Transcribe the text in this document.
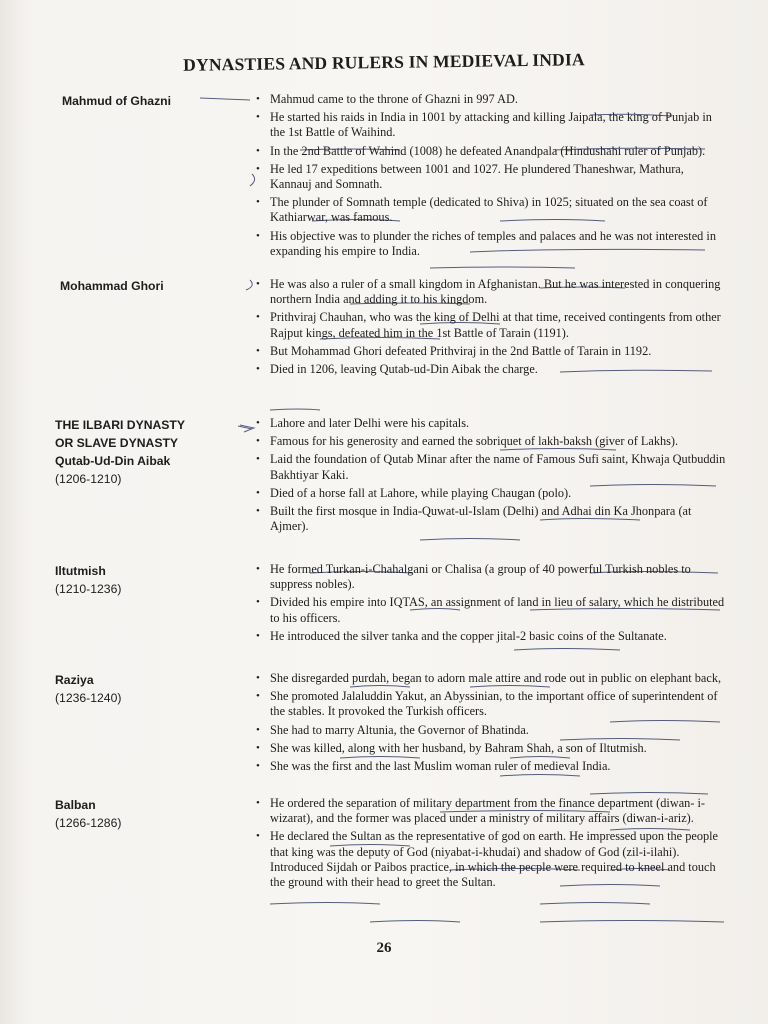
DYNASTIES AND RULERS IN MEDIEVAL INDIA
Mahmud of Ghazni	• Mahmud came to the throne of Ghazni in 997 AD.
• He started his raids in India in 1001 by attacking and killing Jaipala, the king of Punjab in the 1st Battle of Waihind.
• In the 2nd Battle of Wahind (1008) he defeated Anandpala (Hindushahi ruler of Punjab).
• He led 17 expeditions between 1001 and 1027. He plundered Thaneshwar, Mathura, Kannauj and Somnath.
• The plunder of Somnath temple (dedicated to Shiva) in 1025; situated on the sea coast of Kathiarwar, was famous.
• His objective was to plunder the riches of temples and palaces and he was not interested in expanding his empire to India.
Mohammad Ghori	• He was also a ruler of a small kingdom in Afghanistan. But he was interested in conquering northern India and adding it to his kingdom.
• Prithviraj Chauhan, who was the king of Delhi at that time, received contingents from other Rajput kings, defeated him in the 1st Battle of Tarain (1191).
• But Mohammad Ghori defeated Prithviraj in the 2nd Battle of Tarain in 1192.
• Died in 1206, leaving Qutab-ud-Din Aibak the charge.
THE ILBARI DYNASTY
OR SLAVE DYNASTY
Qutab-Ud-Din Aibak
(1206-1210)
• Lahore and later Delhi were his capitals.
• Famous for his generosity and earned the sobriquet of lakh-baksh (giver of Lakhs).
• Laid the foundation of Qutab Minar after the name of Famous Sufi saint, Khwaja Qutbuddin Bakhtiyar Kaki.
• Died of a horse fall at Lahore, while playing Chaugan (polo).
• Built the first mosque in India-Quwat-ul-Islam (Delhi) and Adhai din Ka Jhonpara (at Ajmer).
Iltutmish
(1210-1236)
• He formed Turkan-i-Chahalgani or Chalisa (a group of 40 powerful Turkish nobles to suppress nobles).
• Divided his empire into IQTAS, an assignment of land in lieu of salary, which he distributed to his officers.
• He introduced the silver tanka and the copper jital-2 basic coins of the Sultanate.
Raziya
(1236-1240)
• She disregarded purdah, began to adorn male attire and rode out in public on elephant back,
• She promoted Jalaluddin Yakut, an Abyssinian, to the important office of superintendent of the stables. It provoked the Turkish officers.
• She had to marry Altunia, the Governor of Bhatinda.
• She was killed, along with her husband, by Bahram Shah, a son of Iltutmish.
• She was the first and the last Muslim woman ruler of medieval India.
Balban
(1266-1286)
• He ordered the separation of military department from the finance department (diwan- i-wizarat), and the former was placed under a ministry of military affairs (diwan-i-ariz).
• He declared the Sultan as the representative of god on earth. He impressed upon the people that king was the deputy of God (niyabat-i-khudai) and shadow of God (zil-i-ilahi). Introduced Sijdah or Paibos practice, in which the pecple were required to kneel and touch the ground with their head to greet the Sultan.
26
